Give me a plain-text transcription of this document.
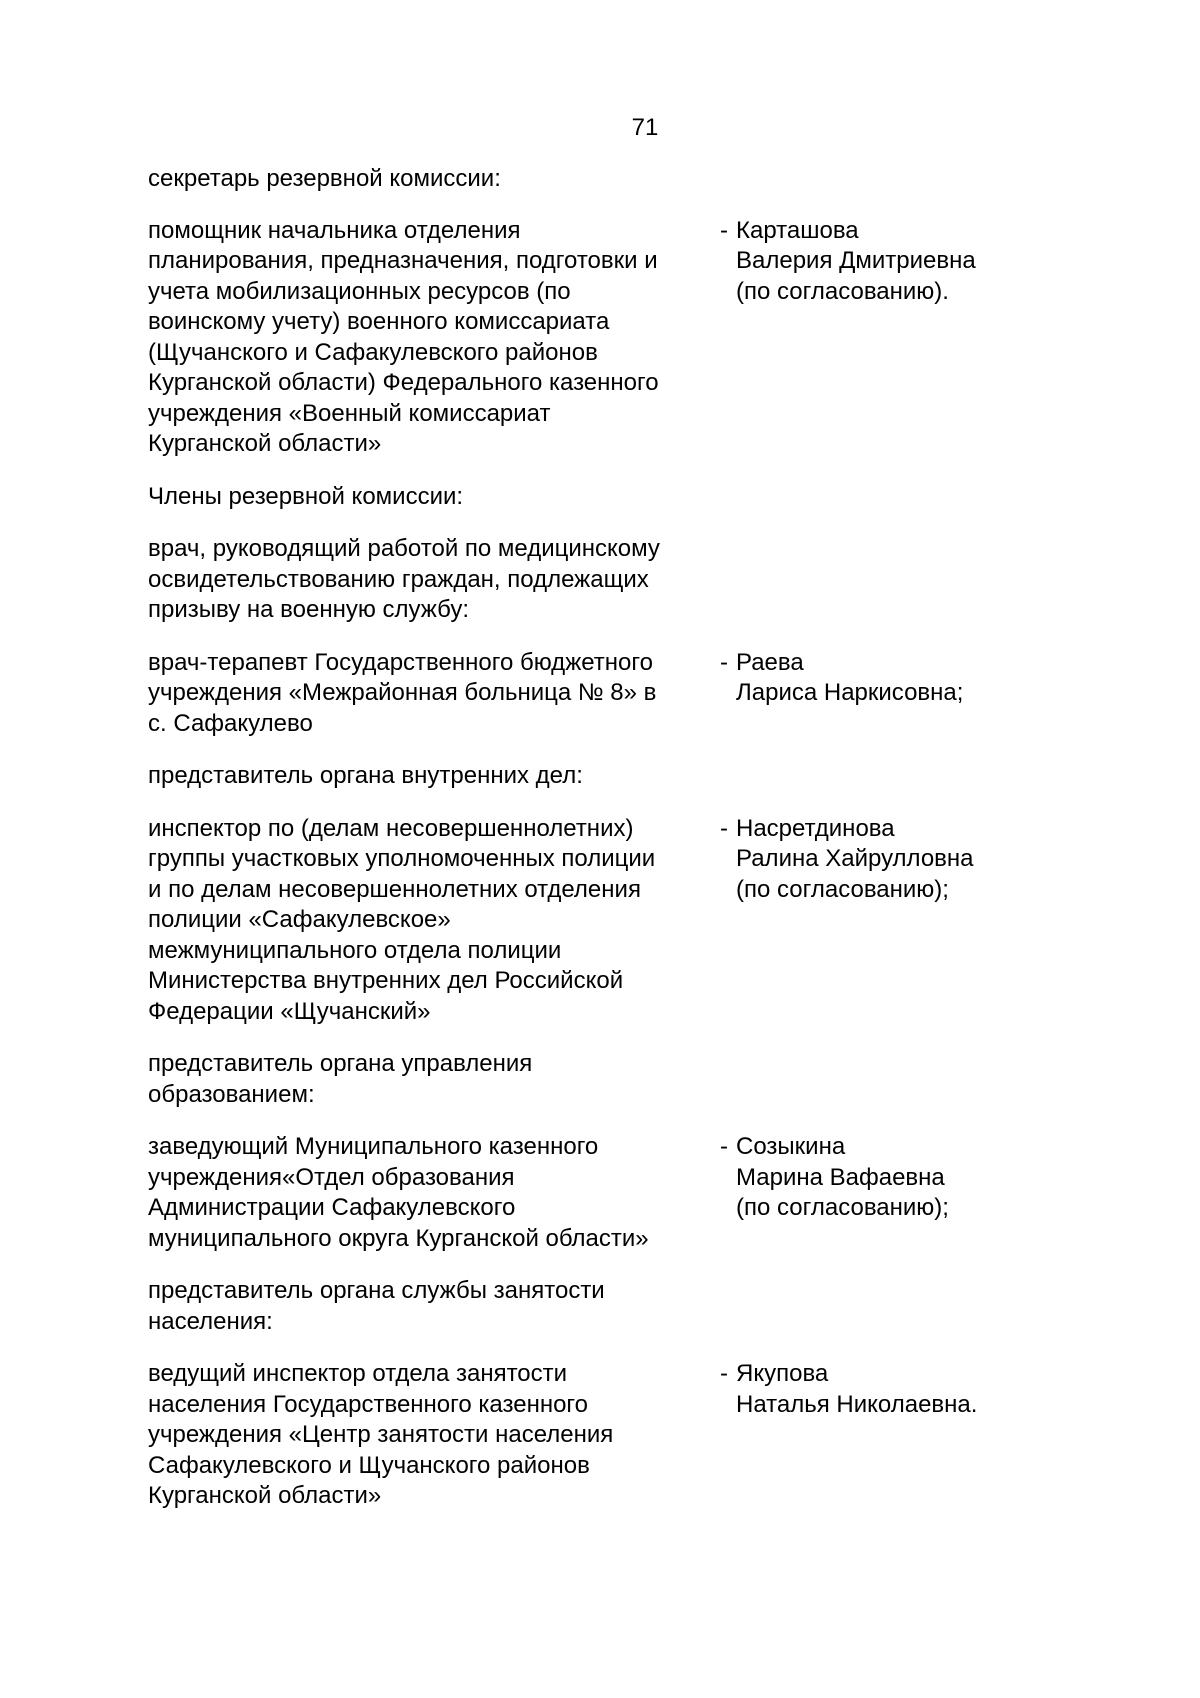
71
секретарь резервной комиссии:
помощник начальника отделения
планирования, предназначения, подготовки и
учета мобилизационных ресурсов (по
воинскому учету) военного комиссариата
(Щучанского и Сафакулевского районов
Курганской области) Федерального казенного
учреждения «Военный комиссариат
Курганской области»
- Карташова
Валерия Дмитриевна
(по согласованию).
Члены резервной комиссии:
врач, руководящий работой по медицинскому
освидетельствованию граждан, подлежащих
призыву на военную службу:
врач-терапевт Государственного бюджетного
учреждения «Межрайонная больница № 8» в
с. Сафакулево
- Раева
Лариса Наркисовна;
представитель органа внутренних дел:
инспектор по (делам несовершеннолетних)
группы участковых уполномоченных полиции
и по делам несовершеннолетних отделения
полиции «Сафакулевское»
межмуниципального отдела полиции
Министерства внутренних дел Российской
Федерации «Щучанский»
- Насретдинова
Ралина Хайрулловна
(по согласованию);
представитель органа управления
образованием:
заведующий Муниципального казенного
учреждения«Отдел образования
Администрации Сафакулевского
муниципального округа Курганской области»
- Созыкина
Марина Вафаевна
(по согласованию);
представитель органа службы занятости
населения:
ведущий инспектор отдела занятости
населения Государственного казенного
учреждения «Центр занятости населения
Сафакулевского и Щучанского районов
Курганской области»
- Якупова
Наталья Николаевна.
